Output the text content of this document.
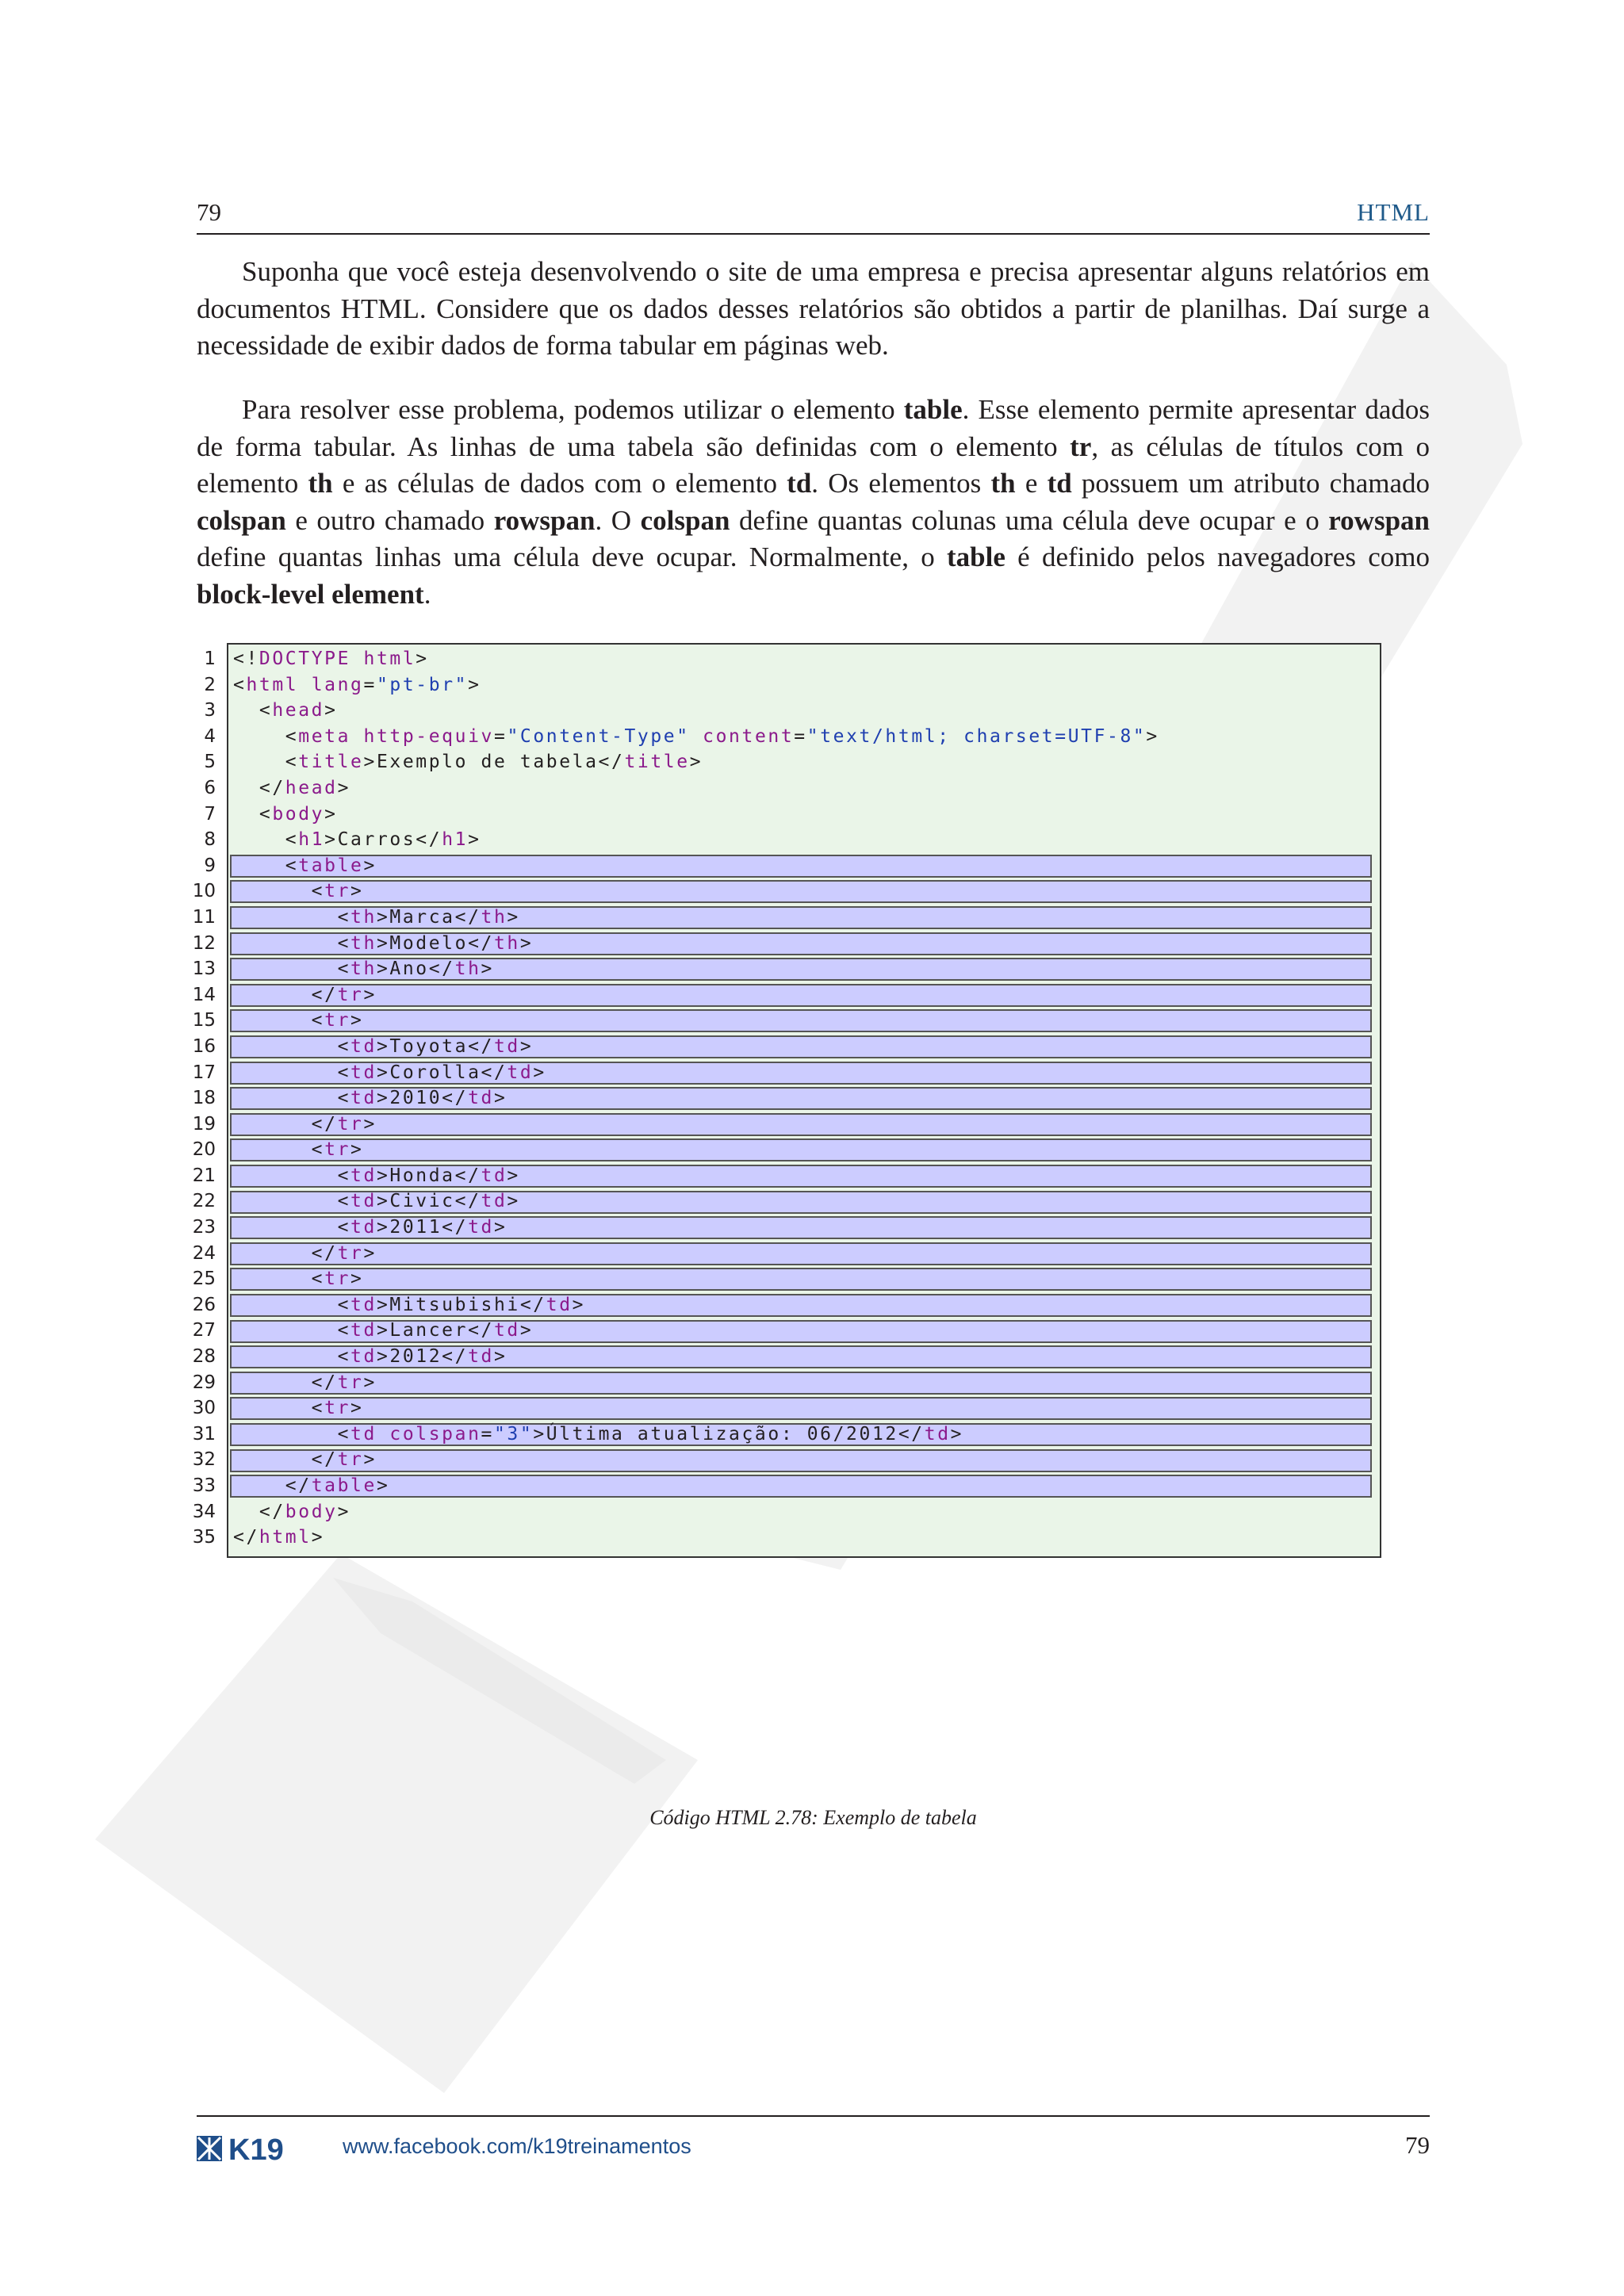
79	HTML

Suponha que você esteja desenvolvendo o site de uma empresa e precisa apresentar alguns relatórios em documentos HTML. Considere que os dados desses relatórios são obtidos a partir de planilhas. Daí surge a necessidade de exibir dados de forma tabular em páginas web.

Para resolver esse problema, podemos utilizar o elemento table. Esse elemento permite apresentar dados de forma tabular. As linhas de uma tabela são definidas com o elemento tr, as células de títulos com o elemento th e as células de dados com o elemento td. Os elementos th e td possuem um atributo chamado colspan e outro chamado rowspan. O colspan define quantas colunas uma célula deve ocupar e o rowspan define quantas linhas uma célula deve ocupar. Normalmente, o table é definido pelos navegadores como block-level element.

1 <!DOCTYPE html>
2 <html lang="pt-br">
3 <head>
4 <meta http-equiv="Content-Type" content="text/html; charset=UTF-8">
5 <title>Exemplo de tabela</title>
6 </head>
7 <body>
8 <h1>Carros</h1>
9 <table>
10 <tr>
11 <th>Marca</th>
12 <th>Modelo</th>
13 <th>Ano</th>
14 </tr>
15 <tr>
16 <td>Toyota</td>
17 <td>Corolla</td>
18 <td>2010</td>
19 </tr>
20 <tr>
21 <td>Honda</td>
22 <td>Civic</td>
23 <td>2011</td>
24 </tr>
25 <tr>
26 <td>Mitsubishi</td>
27 <td>Lancer</td>
28 <td>2012</td>
29 </tr>
30 <tr>
31 <td colspan="3">Última atualização: 06/2012</td>
32 </tr>
33 </table>
34 </body>
35 </html>
Código HTML 2.78: Exemplo de tabela
K19	www.facebook.com/k19treinamentos	79
